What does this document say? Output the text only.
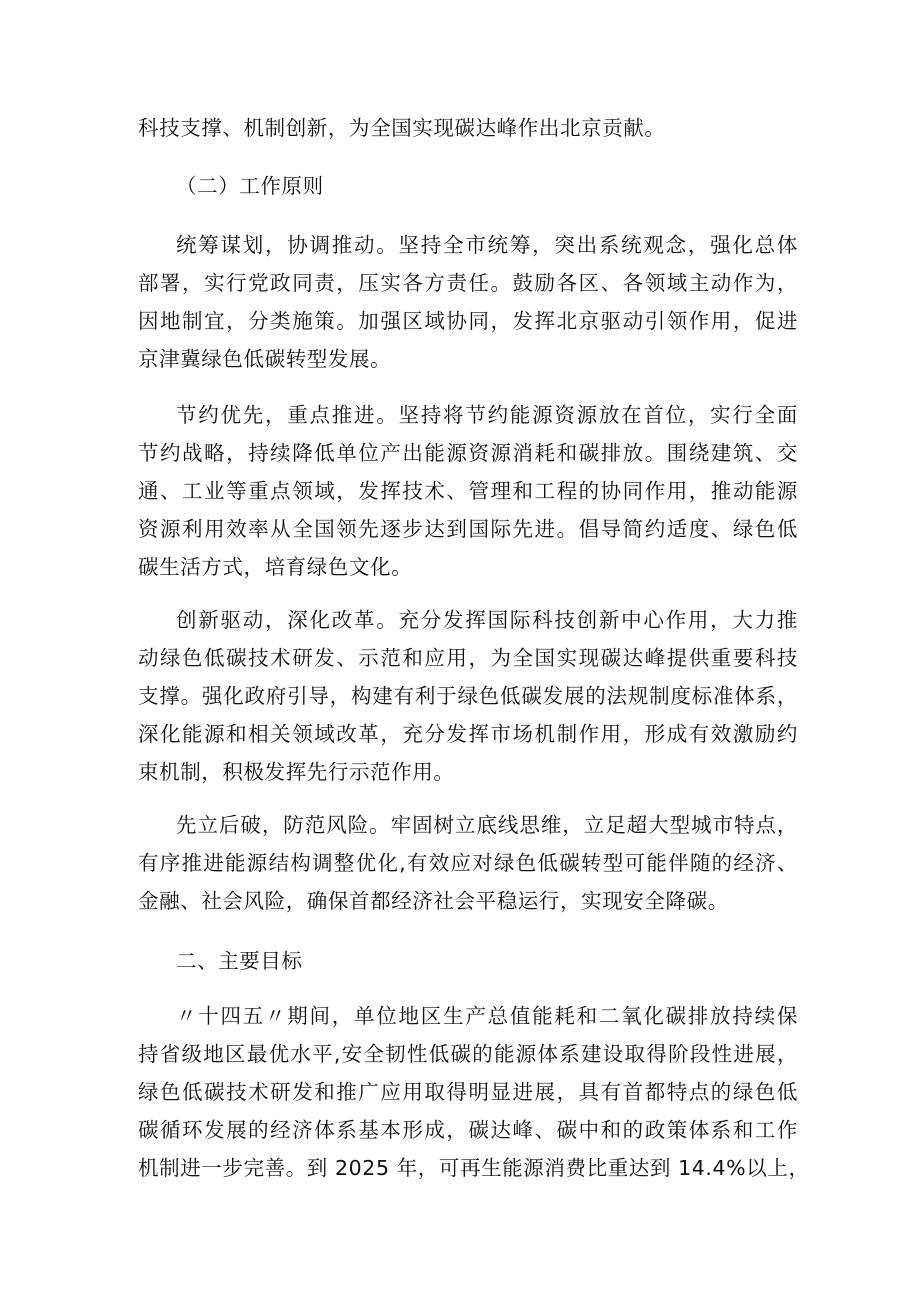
科技支撑、机制创新，为全国实现碳达峰作出北京贡献。
（二）工作原则
统筹谋划，协调推动。坚持全市统筹，突出系统观念，强化总体
部署，实行党政同责，压实各方责任。鼓励各区、各领域主动作为，
因地制宜，分类施策。加强区域协同，发挥北京驱动引领作用，促进
京津冀绿色低碳转型发展。
节约优先，重点推进。坚持将节约能源资源放在首位，实行全面
节约战略，持续降低单位产出能源资源消耗和碳排放。围绕建筑、交
通、工业等重点领域，发挥技术、管理和工程的协同作用，推动能源
资源利用效率从全国领先逐步达到国际先进。倡导简约适度、绿色低
碳生活方式，培育绿色文化。
创新驱动，深化改革。充分发挥国际科技创新中心作用，大力推
动绿色低碳技术研发、示范和应用，为全国实现碳达峰提供重要科技
支撑。强化政府引导，构建有利于绿色低碳发展的法规制度标准体系，
深化能源和相关领域改革，充分发挥市场机制作用，形成有效激励约
束机制，积极发挥先行示范作用。
先立后破，防范风险。牢固树立底线思维，立足超大型城市特点，
有序推进能源结构调整优化,有效应对绿色低碳转型可能伴随的经济、
金融、社会风险，确保首都经济社会平稳运行，实现安全降碳。
二、主要目标
〃十四五〃期间，单位地区生产总值能耗和二氧化碳排放持续保
持省级地区最优水平,安全韧性低碳的能源体系建设取得阶段性进展，
绿色低碳技术研发和推广应用取得明显进展，具有首都特点的绿色低
碳循环发展的经济体系基本形成，碳达峰、碳中和的政策体系和工作
机制进一步完善。到 2025 年，可再生能源消费比重达到 14.4%以上，
